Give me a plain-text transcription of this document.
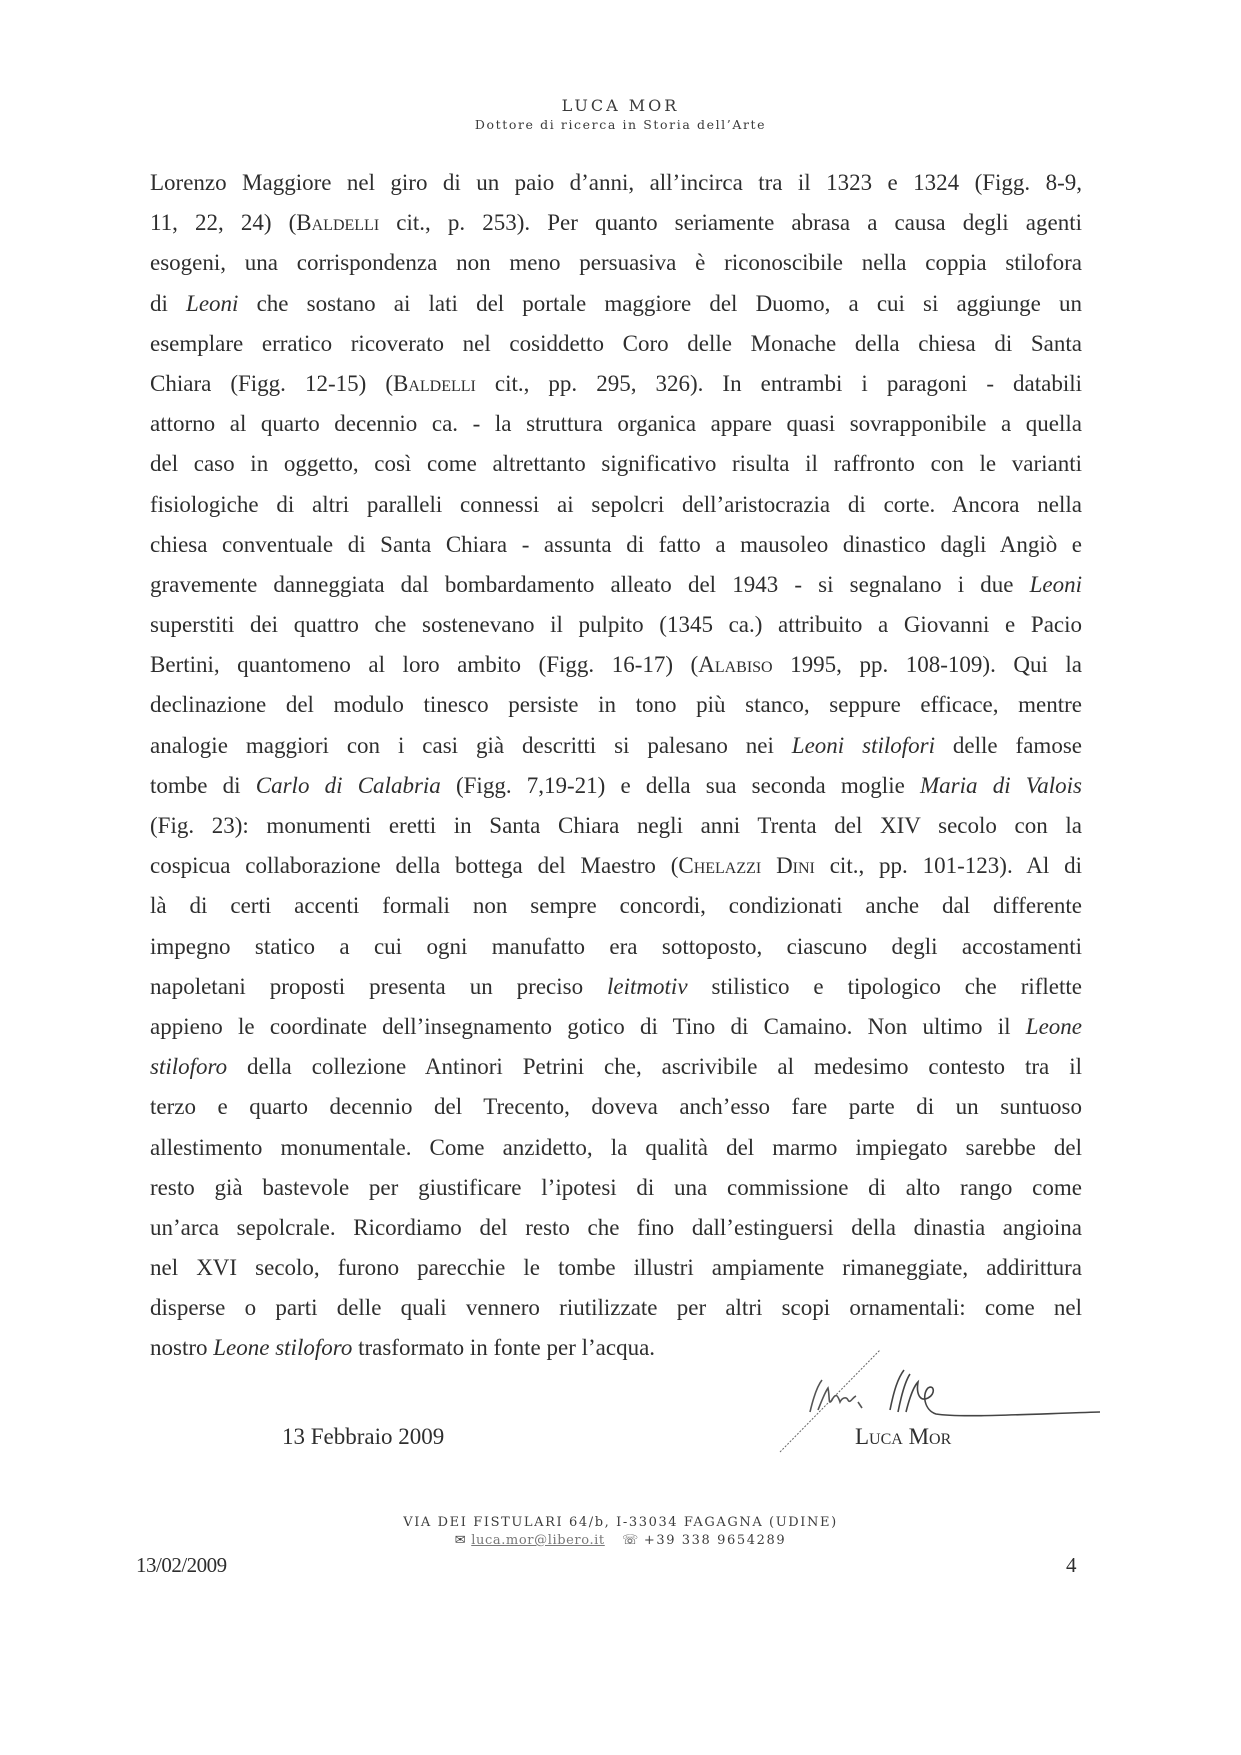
LUCA MOR
Dottore di ricerca in Storia dell’Arte
Lorenzo Maggiore nel giro di un paio d’anni, all’incirca tra il 1323 e 1324 (Figg. 8-9,
11, 22, 24) (Baldelli cit., p. 253). Per quanto seriamente abrasa a causa degli agenti
esogeni, una corrispondenza non meno persuasiva è riconoscibile nella coppia stilofora
di Leoni che sostano ai lati del portale maggiore del Duomo, a cui si aggiunge un
esemplare erratico ricoverato nel cosiddetto Coro delle Monache della chiesa di Santa
Chiara (Figg. 12-15) (Baldelli cit., pp. 295, 326). In entrambi i paragoni - databili
attorno al quarto decennio ca. - la struttura organica appare quasi sovrapponibile a quella
del caso in oggetto, così come altrettanto significativo risulta il raffronto con le varianti
fisiologiche di altri paralleli connessi ai sepolcri dell’aristocrazia di corte. Ancora nella
chiesa conventuale di Santa Chiara - assunta di fatto a mausoleo dinastico dagli Angiò e
gravemente danneggiata dal bombardamento alleato del 1943 - si segnalano i due Leoni
superstiti dei quattro che sostenevano il pulpito (1345 ca.) attribuito a Giovanni e Pacio
Bertini, quantomeno al loro ambito (Figg. 16-17) (Alabiso 1995, pp. 108-109). Qui la
declinazione del modulo tinesco persiste in tono più stanco, seppure efficace, mentre
analogie maggiori con i casi già descritti si palesano nei Leoni stilofori delle famose
tombe di Carlo di Calabria (Figg. 7,19-21) e della sua seconda moglie Maria di Valois
(Fig. 23): monumenti eretti in Santa Chiara negli anni Trenta del XIV secolo con la
cospicua collaborazione della bottega del Maestro (Chelazzi Dini cit., pp. 101-123). Al di
là di certi accenti formali non sempre concordi, condizionati anche dal differente
impegno statico a cui ogni manufatto era sottoposto, ciascuno degli accostamenti
napoletani proposti presenta un preciso leitmotiv stilistico e tipologico che riflette
appieno le coordinate dell’insegnamento gotico di Tino di Camaino. Non ultimo il Leone
stiloforo della collezione Antinori Petrini che, ascrivibile al medesimo contesto tra il
terzo e quarto decennio del Trecento, doveva anch’esso fare parte di un suntuoso
allestimento monumentale. Come anzidetto, la qualità del marmo impiegato sarebbe del
resto già bastevole per giustificare l’ipotesi di una commissione di alto rango come
un’arca sepolcrale. Ricordiamo del resto che fino dall’estinguersi della dinastia angioina
nel XVI secolo, furono parecchie le tombe illustri ampiamente rimaneggiate, addirittura
disperse o parti delle quali vennero riutilizzate per altri scopi ornamentali: come nel
nostro Leone stiloforo trasformato in fonte per l’acqua.
13 Febbraio 2009	Luca Mor
VIA DEI FISTULARI 64/b, I-33034 FAGAGNA (UDINE)
✉ luca.mor@libero.it ☏ +39 338 9654289
13/02/2009	4
